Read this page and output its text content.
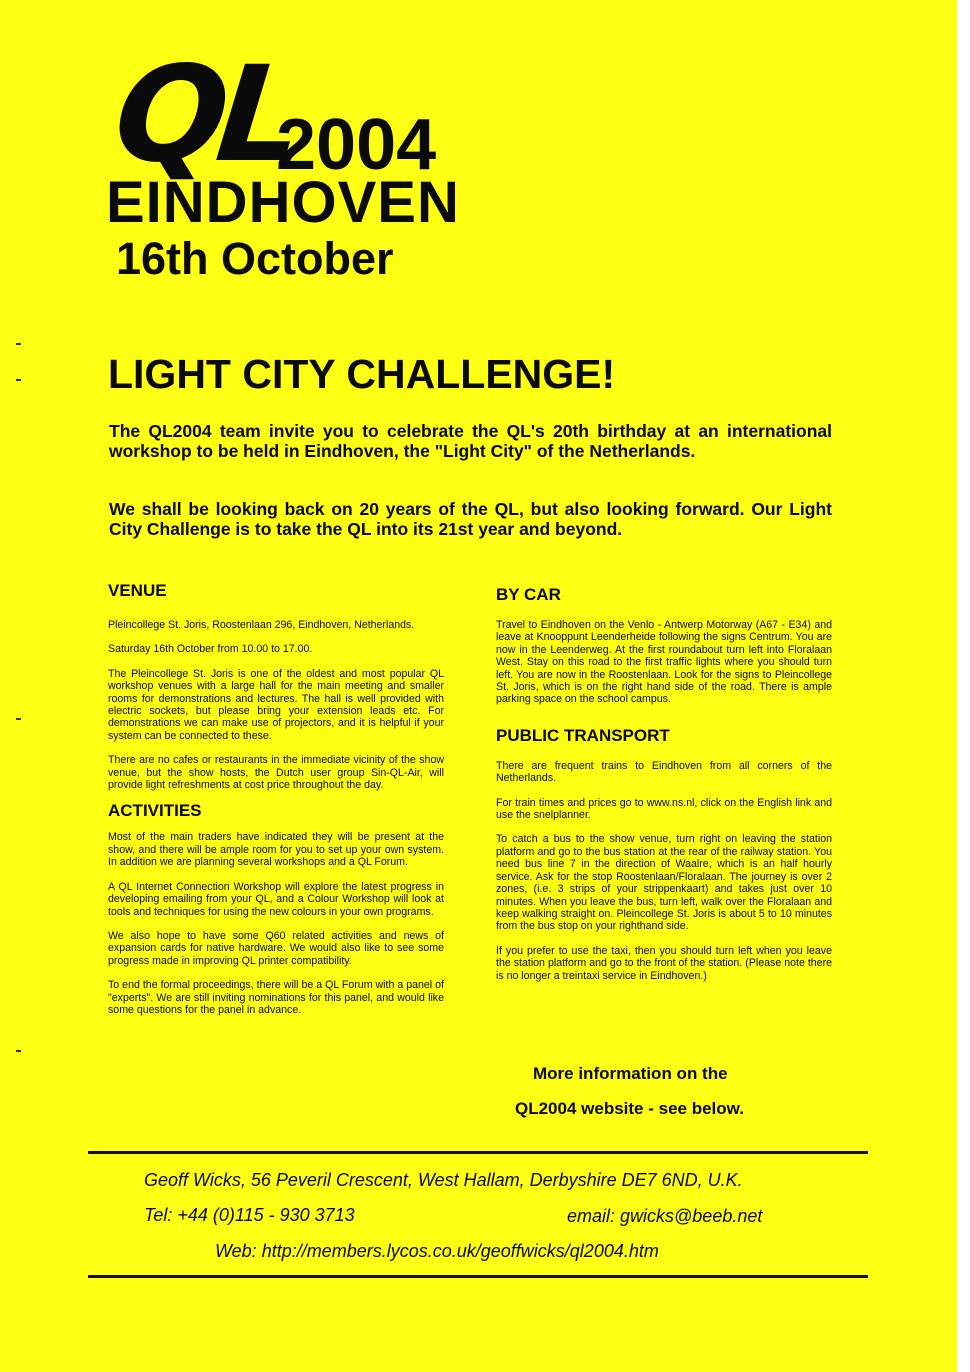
QL
2004
EINDHOVEN
16th October
LIGHT CITY CHALLENGE!

The QL2004 team invite you to celebrate the QL's 20th birthday at an international workshop to be held in Eindhoven, the "Light City" of the Netherlands.

We shall be looking back on 20 years of the QL, but also looking forward. Our Light City Challenge is to take the QL into its 21st year and beyond.

VENUE

Pleincollege St. Joris, Roostenlaan 296, Eindhoven, Netherlands.

Saturday 16th October from 10.00 to 17.00.

The Pleincollege St. Joris is one of the oldest and most popular QL workshop venues with a large hall for the main meeting and smaller rooms for demonstrations and lectures. The hall is well provided with electric sockets, but please bring your extension leads etc. For demonstrations we can make use of projectors, and it is helpful if your system can be connected to these.

There are no cafes or restaurants in the immediate vicinity of the show venue, but the show hosts, the Dutch user group Sin-QL-Air, will provide light refreshments at cost price throughout the day.

ACTIVITIES

Most of the main traders have indicated they will be present at the show, and there will be ample room for you to set up your own system. In addition we are planning several workshops and a QL Forum.

A QL Internet Connection Workshop will explore the latest progress in developing emailing from your QL, and a Colour Workshop will look at tools and techniques for using the new colours in your own programs.

We also hope to have some Q60 related activities and news of expansion cards for native hardware. We would also like to see some progress made in improving QL printer compatibility.

To end the formal proceedings, there will be a QL Forum with a panel of "experts". We are still inviting nominations for this panel, and would like some questions for the panel in advance.

BY CAR

Travel to Eindhoven on the Venlo - Antwerp Motorway (A67 - E34) and leave at Knooppunt Leenderheide following the signs Centrum. You are now in the Leenderweg. At the first roundabout turn left into Floralaan West. Stay on this road to the first traffic lights where you should turn left. You are now in the Roostenlaan. Look for the signs to Pleincollege St. Joris, which is on the right hand side of the road. There is ample parking space on the school campus.

PUBLIC TRANSPORT

There are frequent trains to Eindhoven from all corners of the Netherlands.

For train times and prices go to www.ns.nl, click on the English link and use the snelplanner.

To catch a bus to the show venue, turn right on leaving the station platform and go to the bus station at the rear of the railway station. You need bus line 7 in the direction of Waalre, which is an half hourly service. Ask for the stop Roostenlaan/Floralaan. The journey is over 2 zones, (i.e. 3 strips of your strippenkaart) and takes just over 10 minutes. When you leave the bus, turn left, walk over the Floralaan and keep walking straight on. Pleincollege St. Joris is about 5 to 10 minutes from the bus stop on your righthand side.

If you prefer to use the taxi, then you should turn left when you leave the station platform and go to the front of the station. (Please note there is no longer a treintaxi service in Eindhoven.)

More information on the
QL2004 website - see below.
Geoff Wicks, 56 Peveril Crescent, West Hallam, Derbyshire DE7 6ND, U.K.
Tel: +44 (0)115 - 930 3713	email: gwicks@beeb.net
Web: http://members.lycos.co.uk/geoffwicks/ql2004.htm
